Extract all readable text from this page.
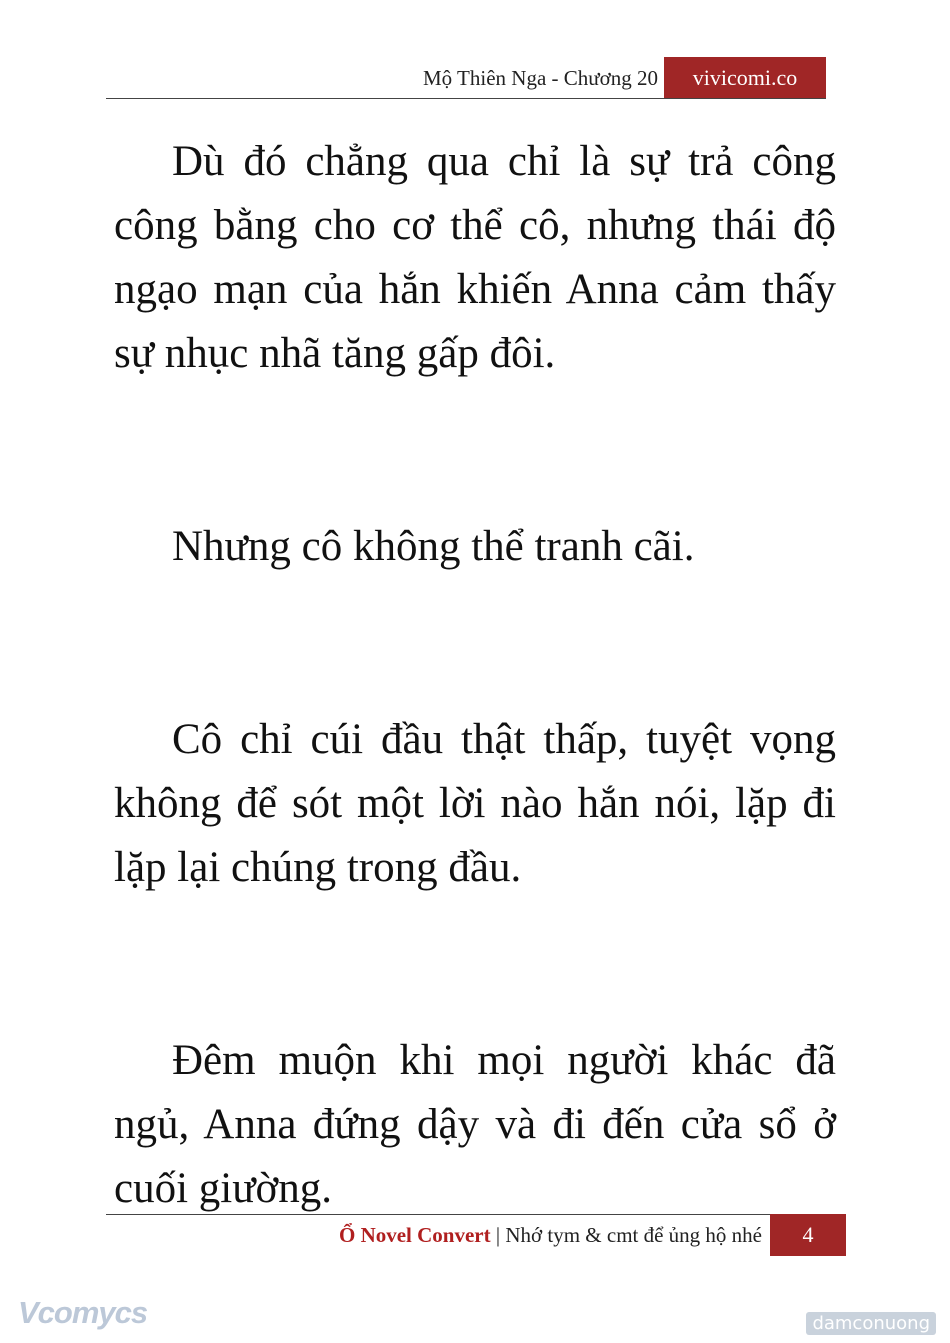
Mộ Thiên Nga - Chương 20	vivicomi.co

Dù đó chẳng qua chỉ là sự trả công công bằng cho cơ thể cô, nhưng thái độ ngạo mạn của hắn khiến Anna cảm thấy sự nhục nhã tăng gấp đôi.

Nhưng cô không thể tranh cãi.

Cô chỉ cúi đầu thật thấp, tuyệt vọng không để sót một lời nào hắn nói, lặp đi lặp lại chúng trong đầu.

Đêm muộn khi mọi người khác đã ngủ, Anna đứng dậy và đi đến cửa sổ ở cuối giường.

Ổ Novel Convert | Nhớ tym & cmt để ủng hộ nhé	4
Vcomycs	damconuong
